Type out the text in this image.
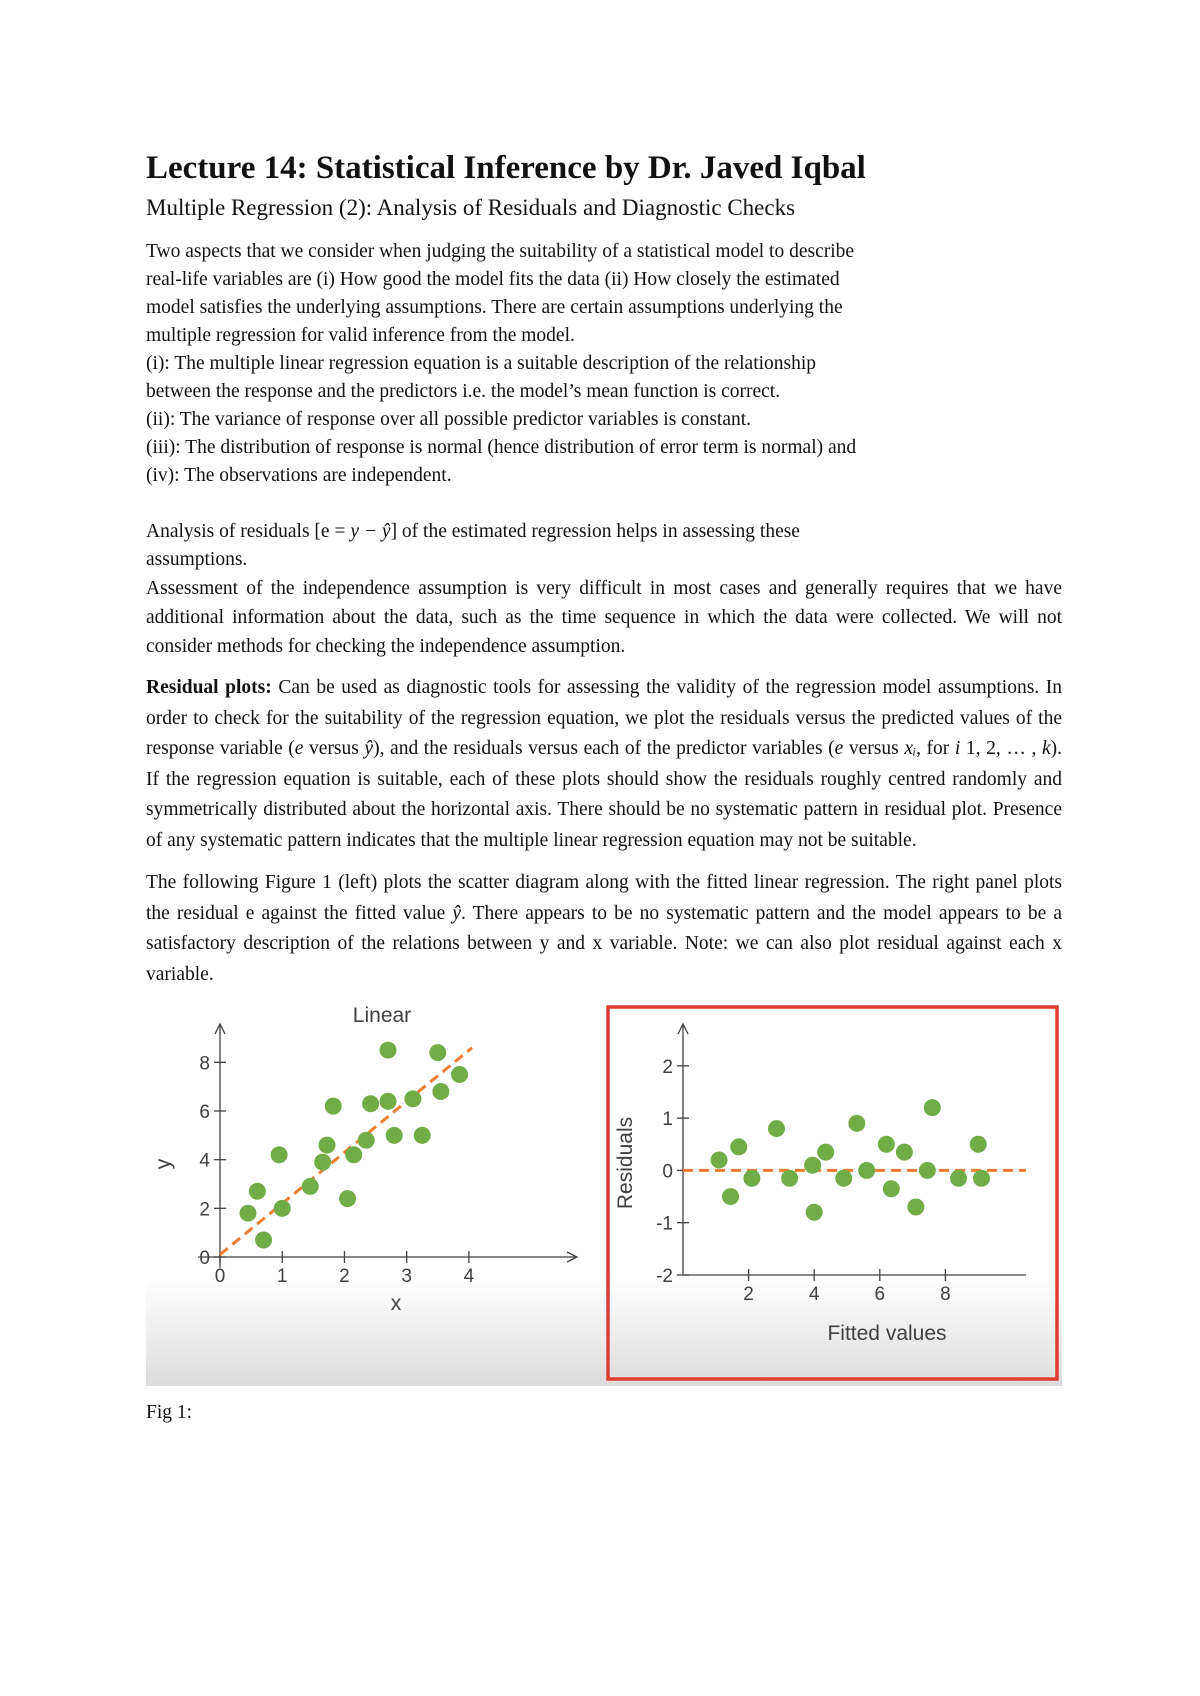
Lecture 14: Statistical Inference by Dr. Javed Iqbal
Multiple Regression (2): Analysis of Residuals and Diagnostic Checks

Two aspects that we consider when judging the suitability of a statistical model to describe

real-life variables are (i) How good the model fits the data (ii) How closely the estimated

model satisfies the underlying assumptions. There are certain assumptions underlying the

multiple regression for valid inference from the model.

(i): The multiple linear regression equation is a suitable description of the relationship

between the response and the predictors i.e. the model’s mean function is correct.

(ii): The variance of response over all possible predictor variables is constant.

(iii): The distribution of response is normal (hence distribution of error term is normal) and

(iv): The observations are independent.

Analysis of residuals [e = y − ŷ] of the estimated regression helps in assessing these

assumptions.

Assessment of the independence assumption is very difficult in most cases and generally requires that we have additional information about the data, such as the time sequence in which the data were collected. We will not consider methods for checking the independence assumption.

Residual plots: Can be used as diagnostic tools for assessing the validity of the regression model assumptions. In order to check for the suitability of the regression equation, we plot the residuals versus the predicted values of the response variable (e versus ŷ), and the residuals versus each of the predictor variables (e versus xᵢ, for i 1, 2, … , k). If the regression equation is suitable, each of these plots should show the residuals roughly centred randomly and symmetrically distributed about the horizontal axis. There should be no systematic pattern in residual plot. Presence of any systematic pattern indicates that the multiple linear regression equation may not be suitable.
The following Figure 1 (left) plots the scatter diagram along with the fitted linear regression. The right panel plots the residual e against the fitted value ŷ. There appears to be no systematic pattern and the model appears to be a satisfactory description of the relations between y and x variable. Note: we can also plot residual against each x variable.
Linear
0	1	2	3	4
0
2
4
6
8
x
y
2	4	6	8
-2
-1
0
1
2
Fitted values
Residuals
Fig 1:
